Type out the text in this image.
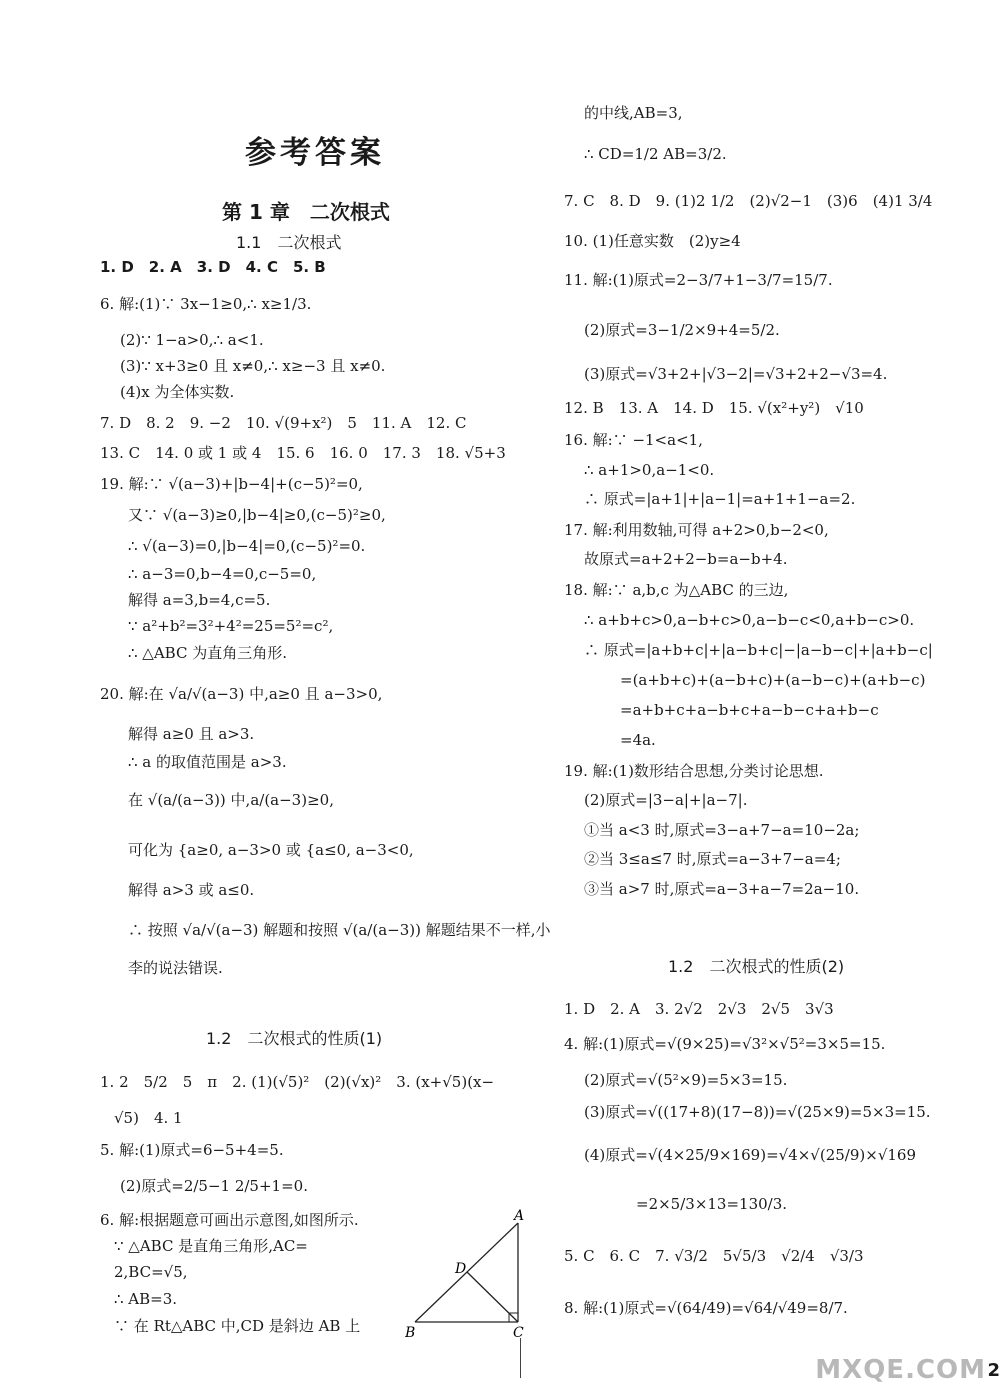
参考答案
第 1 章　二次根式
1.1　二次根式
1. D　2. A　3. D　4. C　5. B
6. 解:(1)∵ 3x−1≥0,∴ x≥1/3.
(2)∵ 1−a>0,∴ a<1.
(3)∵ x+3≥0 且 x≠0,∴ x≥−3 且 x≠0.
(4)x 为全体实数.
7. D　8. 2　9. −2　10. √(9+x²)　5　11. A　12. C
13. C　14. 0 或 1 或 4　15. 6　16. 0　17. 3　18. √5+3
19. 解:∵ √(a−3)+|b−4|+(c−5)²=0,
又∵ √(a−3)≥0,|b−4|≥0,(c−5)²≥0,
∴ √(a−3)=0,|b−4|=0,(c−5)²=0.
∴ a−3=0,b−4=0,c−5=0,
解得 a=3,b=4,c=5.
∵ a²+b²=3²+4²=25=5²=c²,
∴ △ABC 为直角三角形.
20. 解:在 √a/√(a−3) 中,a≥0 且 a−3>0,
解得 a≥0 且 a>3.
∴ a 的取值范围是 a>3.
在 √(a/(a−3)) 中,a/(a−3)≥0,
可化为 {a≥0, a−3>0 或 {a≤0, a−3<0,
解得 a>3 或 a≤0.
∴ 按照 √a/√(a−3) 解题和按照 √(a/(a−3)) 解题结果不一样,小
李的说法错误.
1. 2　5/2　5　π　2. (1)(√5)²　(2)(√x)²　3. (x+√5)(x−
√5)　4. 1
5. 解:(1)原式=6−5+4=5.
(2)原式=2/5−1 2/5+1=0.
6. 解:根据题意可画出示意图,如图所示.
∵ △ABC 是直角三角形,AC=
2,BC=√5,
∴ AB=3.
∵ 在 Rt△ABC 中,CD 是斜边 AB 上
1.2　二次根式的性质(1)
A
B	C
D
的中线,AB=3,
∴ CD=1/2 AB=3/2.
7. C　8. D　9. (1)2 1/2　(2)√2−1　(3)6　(4)1 3/4
10. (1)任意实数　(2)y≥4
11. 解:(1)原式=2−3/7+1−3/7=15/7.
(2)原式=3−1/2×9+4=5/2.
(3)原式=√3+2+|√3−2|=√3+2+2−√3=4.
12. B　13. A　14. D　15. √(x²+y²)　√10
16. 解:∵ −1<a<1,
∴ a+1>0,a−1<0.
∴ 原式=|a+1|+|a−1|=a+1+1−a=2.
17. 解:利用数轴,可得 a+2>0,b−2<0,
故原式=a+2+2−b=a−b+4.
18. 解:∵ a,b,c 为△ABC 的三边,
∴ a+b+c>0,a−b+c>0,a−b−c<0,a+b−c>0.
∴ 原式=|a+b+c|+|a−b+c|−|a−b−c|+|a+b−c|
=(a+b+c)+(a−b+c)+(a−b−c)+(a+b−c)
=a+b+c+a−b+c+a−b−c+a+b−c
=4a.
19. 解:(1)数形结合思想,分类讨论思想.
(2)原式=|3−a|+|a−7|.
①当 a<3 时,原式=3−a+7−a=10−2a;
②当 3≤a≤7 时,原式=a−3+7−a=4;
③当 a>7 时,原式=a−3+a−7=2a−10.
1. D　2. A　3. 2√2　2√3　2√5　3√3
4. 解:(1)原式=√(9×25)=√3²×√5²=3×5=15.
(2)原式=√(5²×9)=5×3=15.
(3)原式=√((17+8)(17−8))=√(25×9)=5×3=15.
(4)原式=√(4×25/9×169)=√4×√(25/9)×√169
=2×5/3×13=130/3.
5. C　6. C　7. √3/2　5√5/3　√2/4　√3/3
8. 解:(1)原式=√(64/49)=√64/√49=8/7.
1.2　二次根式的性质(2)
MXQE.COM 2
